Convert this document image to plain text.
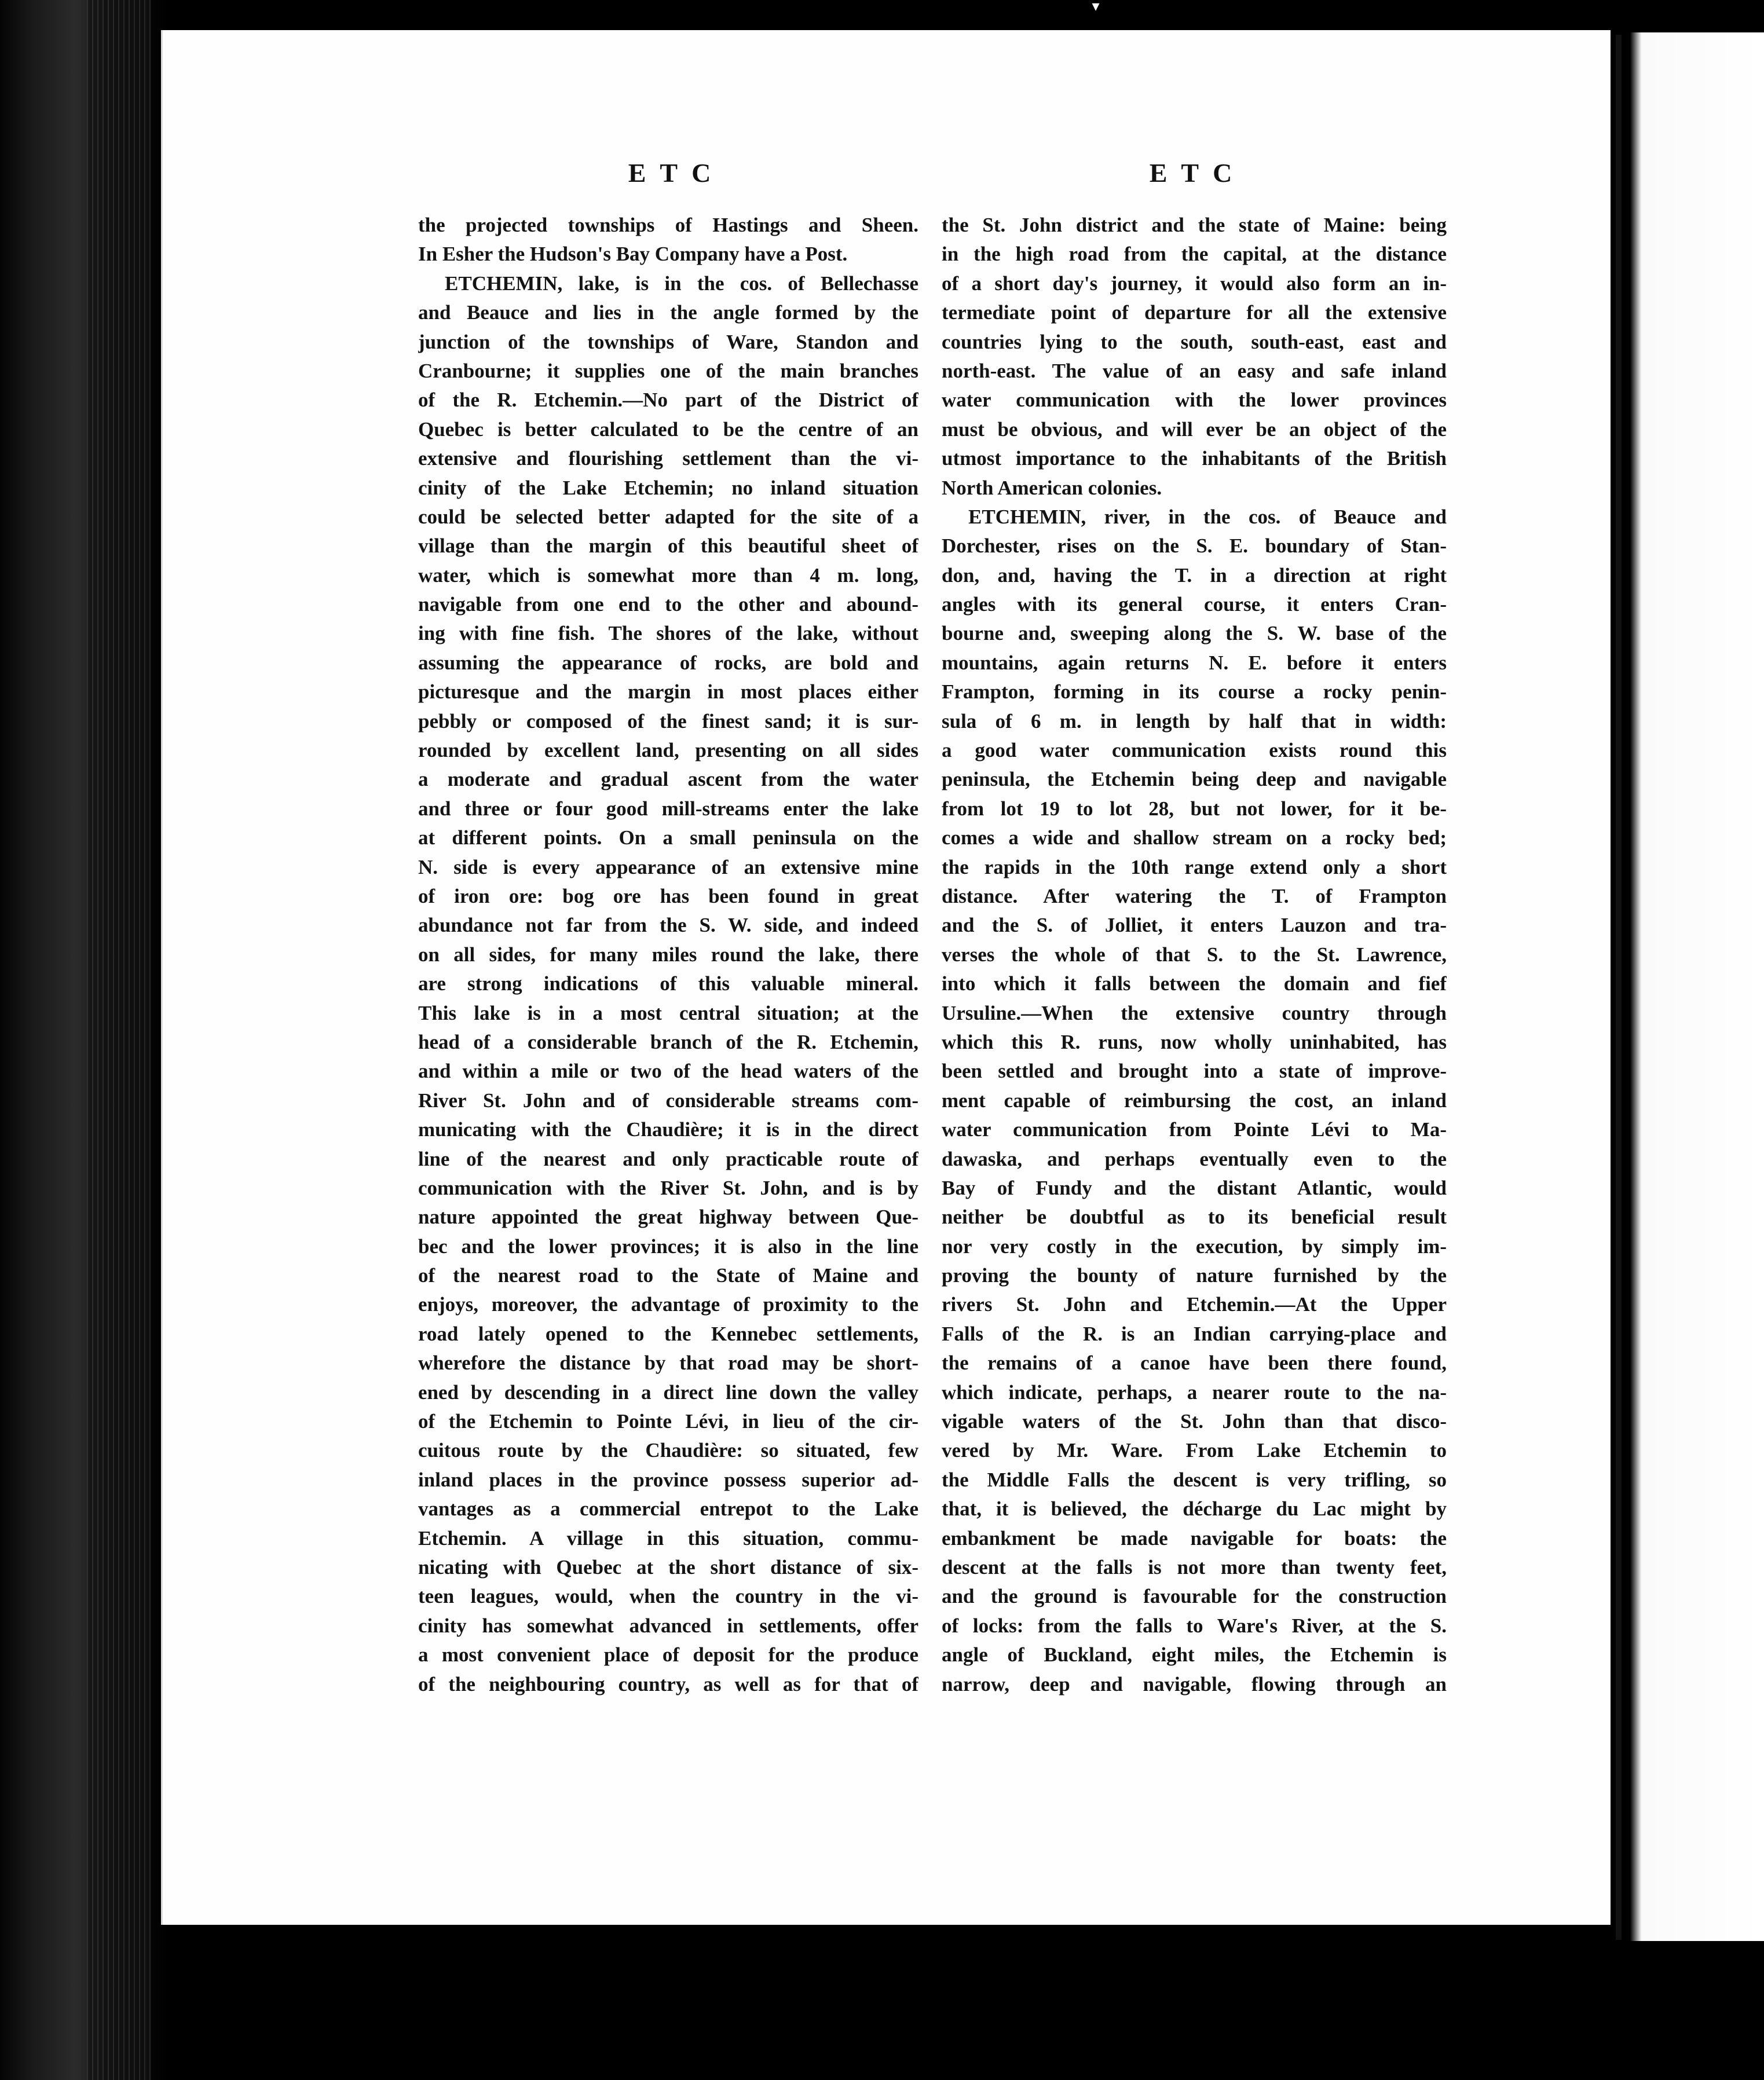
▾
ETC	ETC
the projected townships of Hastings and Sheen.
In Esher the Hudson's Bay Company have a Post.
ETCHEMIN, lake, is in the cos. of Bellechasse
and Beauce and lies in the angle formed by the
junction of the townships of Ware, Standon and
Cranbourne; it supplies one of the main branches
of the R. Etchemin.—No part of the District of
Quebec is better calculated to be the centre of an
extensive and flourishing settlement than the vi-
cinity of the Lake Etchemin; no inland situation
could be selected better adapted for the site of a
village than the margin of this beautiful sheet of
water, which is somewhat more than 4 m. long,
navigable from one end to the other and abound-
ing with fine fish. The shores of the lake, without
assuming the appearance of rocks, are bold and
picturesque and the margin in most places either
pebbly or composed of the finest sand; it is sur-
rounded by excellent land, presenting on all sides
a moderate and gradual ascent from the water
and three or four good mill-streams enter the lake
at different points. On a small peninsula on the
N. side is every appearance of an extensive mine
of iron ore: bog ore has been found in great
abundance not far from the S. W. side, and indeed
on all sides, for many miles round the lake, there
are strong indications of this valuable mineral.
This lake is in a most central situation; at the
head of a considerable branch of the R. Etchemin,
and within a mile or two of the head waters of the
River St. John and of considerable streams com-
municating with the Chaudière; it is in the direct
line of the nearest and only practicable route of
communication with the River St. John, and is by
nature appointed the great highway between Que-
bec and the lower provinces; it is also in the line
of the nearest road to the State of Maine and
enjoys, moreover, the advantage of proximity to the
road lately opened to the Kennebec settlements,
wherefore the distance by that road may be short-
ened by descending in a direct line down the valley
of the Etchemin to Pointe Lévi, in lieu of the cir-
cuitous route by the Chaudière: so situated, few
inland places in the province possess superior ad-
vantages as a commercial entrepot to the Lake
Etchemin. A village in this situation, commu-
nicating with Quebec at the short distance of six-
teen leagues, would, when the country in the vi-
cinity has somewhat advanced in settlements, offer
a most convenient place of deposit for the produce
of the neighbouring country, as well as for that of
the St. John district and the state of Maine: being
in the high road from the capital, at the distance
of a short day's journey, it would also form an in-
termediate point of departure for all the extensive
countries lying to the south, south-east, east and
north-east. The value of an easy and safe inland
water communication with the lower provinces
must be obvious, and will ever be an object of the
utmost importance to the inhabitants of the British
North American colonies.
ETCHEMIN, river, in the cos. of Beauce and
Dorchester, rises on the S. E. boundary of Stan-
don, and, having the T. in a direction at right
angles with its general course, it enters Cran-
bourne and, sweeping along the S. W. base of the
mountains, again returns N. E. before it enters
Frampton, forming in its course a rocky penin-
sula of 6 m. in length by half that in width:
a good water communication exists round this
peninsula, the Etchemin being deep and navigable
from lot 19 to lot 28, but not lower, for it be-
comes a wide and shallow stream on a rocky bed;
the rapids in the 10th range extend only a short
distance. After watering the T. of Frampton
and the S. of Jolliet, it enters Lauzon and tra-
verses the whole of that S. to the St. Lawrence,
into which it falls between the domain and fief
Ursuline.—When the extensive country through
which this R. runs, now wholly uninhabited, has
been settled and brought into a state of improve-
ment capable of reimbursing the cost, an inland
water communication from Pointe Lévi to Ma-
dawaska, and perhaps eventually even to the
Bay of Fundy and the distant Atlantic, would
neither be doubtful as to its beneficial result
nor very costly in the execution, by simply im-
proving the bounty of nature furnished by the
rivers St. John and Etchemin.—At the Upper
Falls of the R. is an Indian carrying-place and
the remains of a canoe have been there found,
which indicate, perhaps, a nearer route to the na-
vigable waters of the St. John than that disco-
vered by Mr. Ware. From Lake Etchemin to
the Middle Falls the descent is very trifling, so
that, it is believed, the décharge du Lac might by
embankment be made navigable for boats: the
descent at the falls is not more than twenty feet,
and the ground is favourable for the construction
of locks: from the falls to Ware's River, at the S.
angle of Buckland, eight miles, the Etchemin is
narrow, deep and navigable, flowing through an
